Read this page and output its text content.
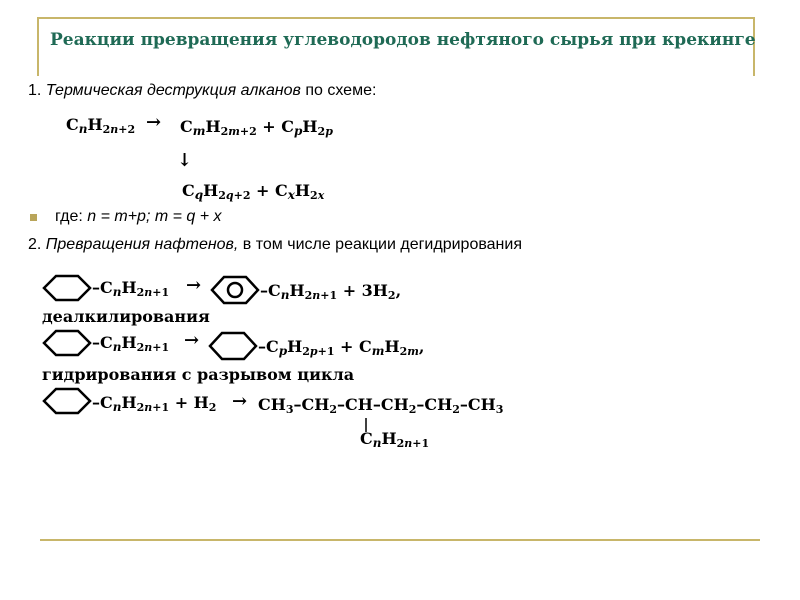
Реакции превращения углеводородов нефтяного сырья при крекинге
1. Термическая деструкция алканов по схеме:
CnH2n+2 → CmH2m+2 + CpH2p
↓
CqH2q+2 + CxH2x
где: n = m+p; m = q + x
2. Превращения нафтенов, в том числе реакции дегидрирования
–CnH2n+1 →	–CnH2n+1 + 3H2,
деалкилирования
–CnH2n+1 →	–CpH2p+1 + CmH2m,
гидрирования с разрывом цикла
–CnH2n+1 + H2 → CH3–CH2–CH–CH2–CH2–CH3
CnH2n+1
